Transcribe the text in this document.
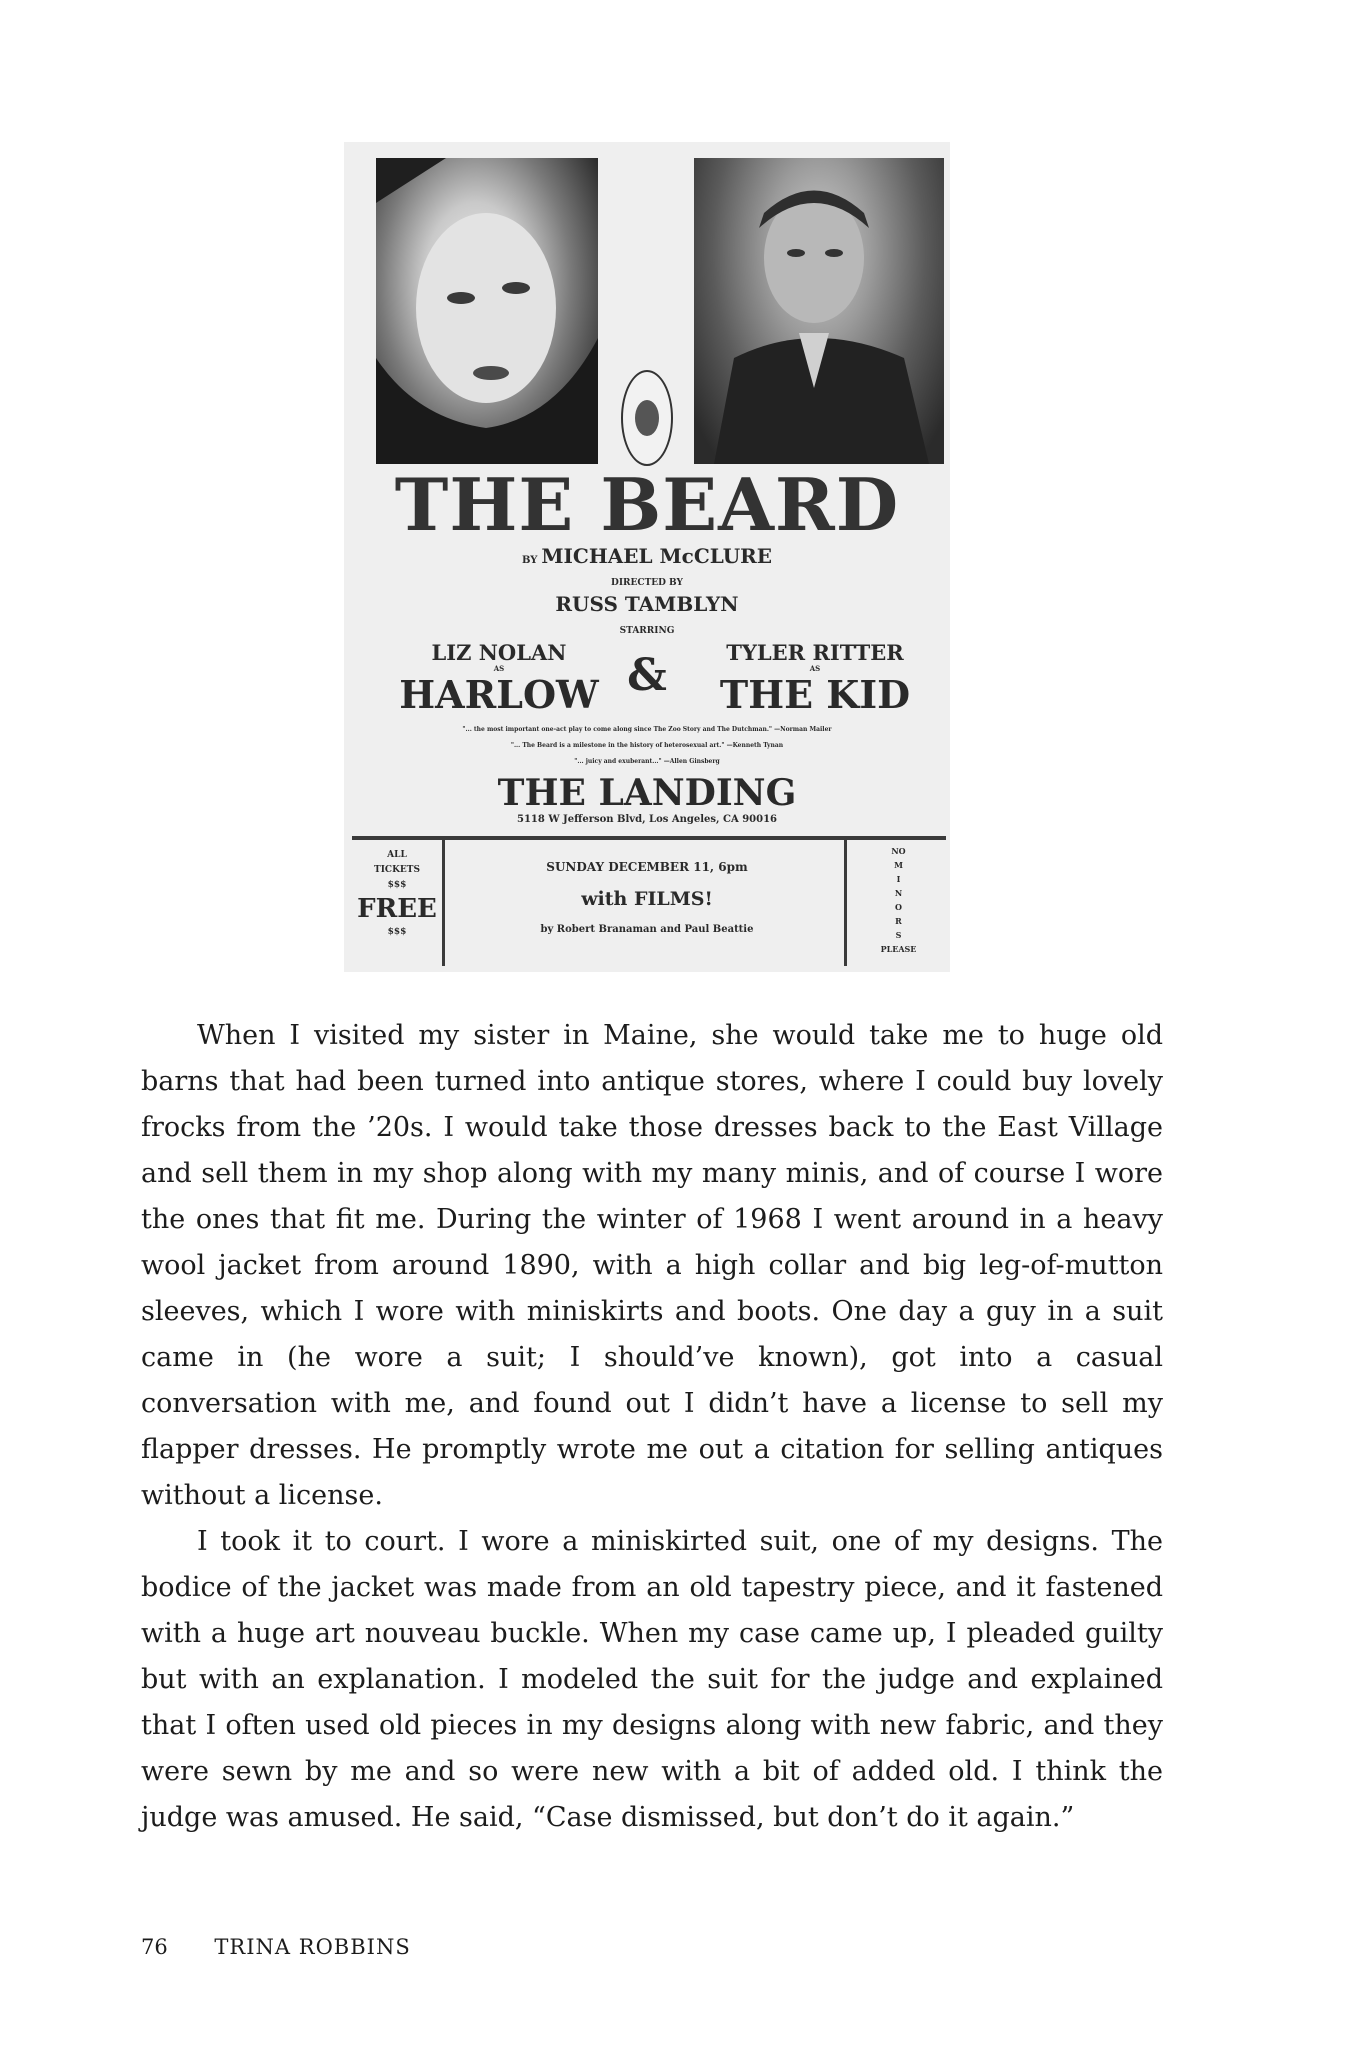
THE BEARD

BY MICHAEL McCLURE

DIRECTED BY

RUSS TAMBLYN

STARRING

LIZ NOLAN

AS

HARLOW &	TYLER RITTER

AS

THE KID

"... the most important one-act play to come along since The Zoo Story and The Dutchman." —Norman Mailer

"... The Beard is a milestone in the history of heterosexual art." —Kenneth Tynan

"... juicy and exuberant..." —Allen Ginsberg

THE LANDING

5118 W Jefferson Blvd, Los Angeles, CA 90016

ALL
TICKETS
$$$
FREE
$$$

SUNDAY DECEMBER 11, 6pm

with FILMS!

by Robert Branaman and Paul Beattie

NO
M
I
N
O
R
S
PLEASE

When I visited my sister in Maine, she would take me to huge old barns that had been turned into antique stores, where I could buy lovely frocks from the ’20s. I would take those dresses back to the East Village and sell them in my shop along with my many minis, and of course I wore the ones that fit me. During the winter of 1968 I went around in a heavy wool jacket from around 1890, with a high collar and big leg-of-mutton sleeves, which I wore with miniskirts and boots. One day a guy in a suit came in (he wore a suit; I should’ve known), got into a casual conversation with me, and found out I didn’t have a license to sell my flapper dresses. He promptly wrote me out a citation for selling antiques without a license.

I took it to court. I wore a miniskirted suit, one of my designs. The bodice of the jacket was made from an old tapestry piece, and it fastened with a huge art nouveau buckle. When my case came up, I pleaded guilty but with an explanation. I modeled the suit for the judge and explained that I often used old pieces in my designs along with new fabric, and they were sewn by me and so were new with a bit of added old. I think the judge was amused. He said, “Case dismissed, but don’t do it again.”

76 TRINA ROBBINS
